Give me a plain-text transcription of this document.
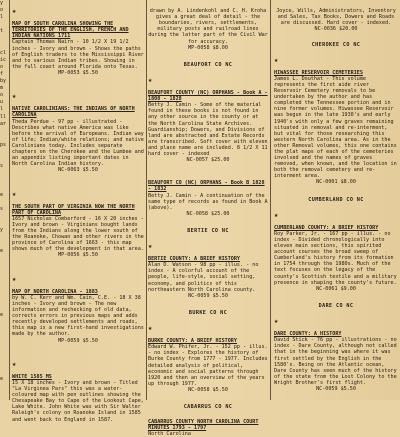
y
o
l

t

cl
ic
o
f
by
m
o
u
l
ll
ar

ps

s

e

s

y

e

e

e

★

MAP OF SOUTH CAROLINA SHOWING THE TERRITORIES OF THE ENGLISH, FRENCH AND INDIAN NATIONS 1711
Captain Thomas Nairn - 10 1/2 X 19 1/2 inches - Ivory and brown - Shows the paths of English traders to the Mississippi River and to various Indian tribes. Showing in the full coast around Florida onto Texas.

MP-0053 $5.50

★

NATIVE CAROLINIANS: THE INDIANS OF NORTH CAROLINA
Theda Perdue - 97 pp - illustrated - Describes what native America was like before the arrival of Europeans. Indian way of life; Indian/white relations; and native Carolinians today. Includes separate chapters on the Cherokee and the Lumbee and an appendix listing important dates in North Carolina Indian history.

NC-0063 $5.50

★

THE SOUTH PART OF VIRGINIA NOW THE NORTH PART OF CAROLINA
1657 Nicholas Comberford - 16 X 20 inches - Ivory and brown - Virginians bought lands from the Indians along the lower south of the Roanoke, Chowan and other rivers in the province of Carolina of 1663 - this map shows much of the development in that area.

MP-0056 $5.50

★

MAP OF NORTH CAROLINA - 1883
by W. C. Kerr and Wm. Cain, C.E. - 18 X 38 inches - Ivory and brown - The new information and rechecking of old data, corrects errors in previous maps and adds recently developed settlements and roads, this map is a new first-hand investigations made by the author.

MP-0059 $5.50

★

WHITE 1585 MS
15 X 18 inches - Ivory and brown - Titled "La Virginea Pars" this was a water-coloured map with pen outlines showing the Chesapeake Bay to Cape of the Lookout Cape, Lake White. John White was with Sir Walter Raleigh's colony on Roanoke Island in 1585 and went back to England in 1587.

drawn by A. Lindenkohl and C. H. Kroha gives a great deal of detail - the boundaries, rivers, settlements, military posts and railroad lines during the latter part of the Civil War for accuracy.

MP-0058 $8.00

BEAUFORT CO NC

★

BEAUFORT COUNTY (NC) ORPHANS - Book A - 1808 - 1828
Betty J. Camin - Some of the material found in these books is not found in any other source in the county or at the North Carolina State Archives. Guardianship; Dowers, and Divisions of land are abstracted and Estate Records are transcribed. Soft cover with eleven and place name are included. 8 1/2 X 11 hard cover - indexed

NC-0057 $25.00

BEAUFORT CO (NC) ORPHANS - Book B 1828 - 1832
Betty J. Camin - A continuation of the same type of records as found in Book A (above).

NC-0058 $25.00

BERTIE CO NC

★

BERTIE COUNTY: A BRIEF HISTORY
Alan D. Watson - 98 pp - illus. - no index - A colorful account of the people, life-style, social setting, economy, and politics of this northeastern North Carolina county.

NC-0059 $5.50

BURKE CO NC

★

BURKE COUNTY: A BRIEF HISTORY
Edward W. Phifer, Jr. - 152 pp - illus. - no index - Explores the history of Burke County from 1777 - 1977. Includes detailed analysis of political, economic and social patterns through 1920 and then an overview of the years up through 1977.

NC-0058 $5.50

CABARRUS CO NC

CABARRUS COUNTY NORTH CAROLINA COURT MINUTES 1793 - 1797
North Carolina

Joyce, Wills, Administrators, Inventory and Sales, Tax Books, Dowers and Roads are discussed. Hard cover - indexed.

NC-0036 $20.00

CHEROKEE CO NC

★

HIWASSEE RESERVOIR CEMETERIES
James L. Douthat - This volume represents the first aide river Reservoir Cemetery removals to be undertaken by the author and has completed the Tennessee portion and in nine former volumes. Hiwassee Reservoir was begun in the late 1930's and early 1940's with only a few graves remaining situated in removal and re-interment, but vital for those researching this western North Carolina area. As in the other Removal volumes, this one contains the plat maps of each of the cemeteries involved and the names of graves removed, when known, and the location in both the removal cemetery and re-interment area.

NC-0001 $8.00

CUMBERLAND CO NC

★

CUMBERLAND COUNTY: A BRIEF HISTORY
Roy Parker, Jr. - 167 pp - illus. - no index - Divided chronologically into eleven main sections, this spirited account courses the broad sweep of Cumberland's history from its formation in 1754 through the 1980s. Much of the text focuses on the legacy of the county's Scottish textile and a military presence in shaping the county's future.

NC-0061 $9.00

DARE CO NC

★

DARE COUNTY: A HISTORY
David Stick - 76 pp - illustrations - no index - Dare County, although not called that in the beginning was where it was first settled by the English in the 1580's. Being on the Atlantic ocean, Dare County has seen much of the history of the state from the Lost Colony to the Wright Brother's first flight.

NC-0059 $5.50
